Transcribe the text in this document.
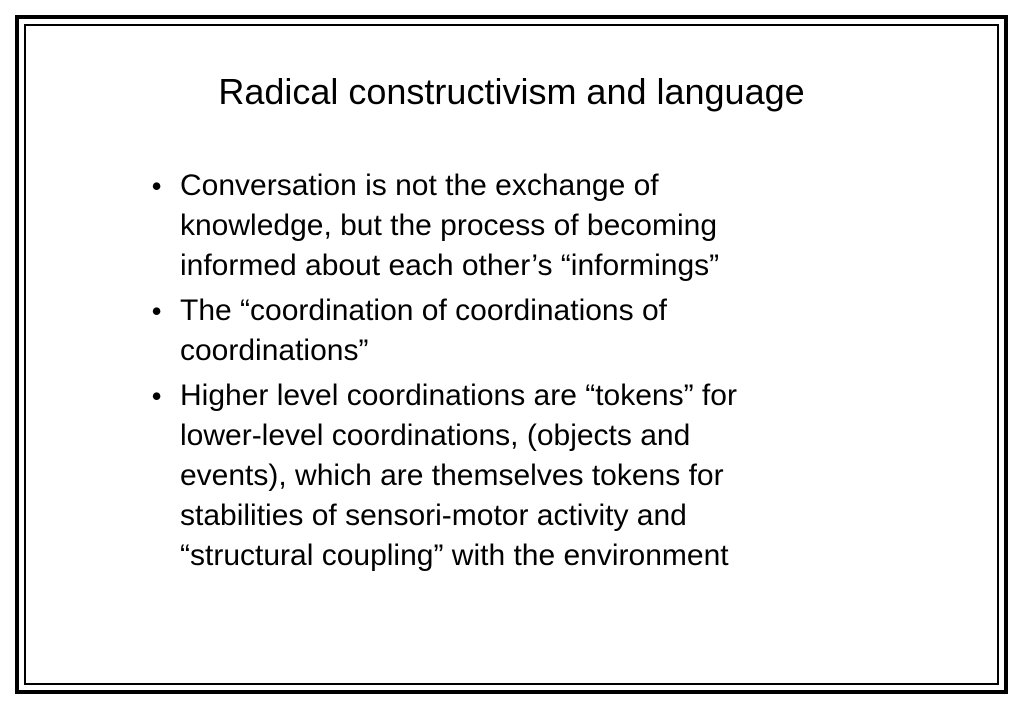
Radical constructivism and language
• Conversation is not the exchange of
knowledge, but the process of becoming
informed about each other’s “informings”
• The “coordination of coordinations of
coordinations”
• Higher level coordinations are “tokens” for
lower-level coordinations, (objects and
events), which are themselves tokens for
stabilities of sensori-motor activity and
“structural coupling” with the environment
